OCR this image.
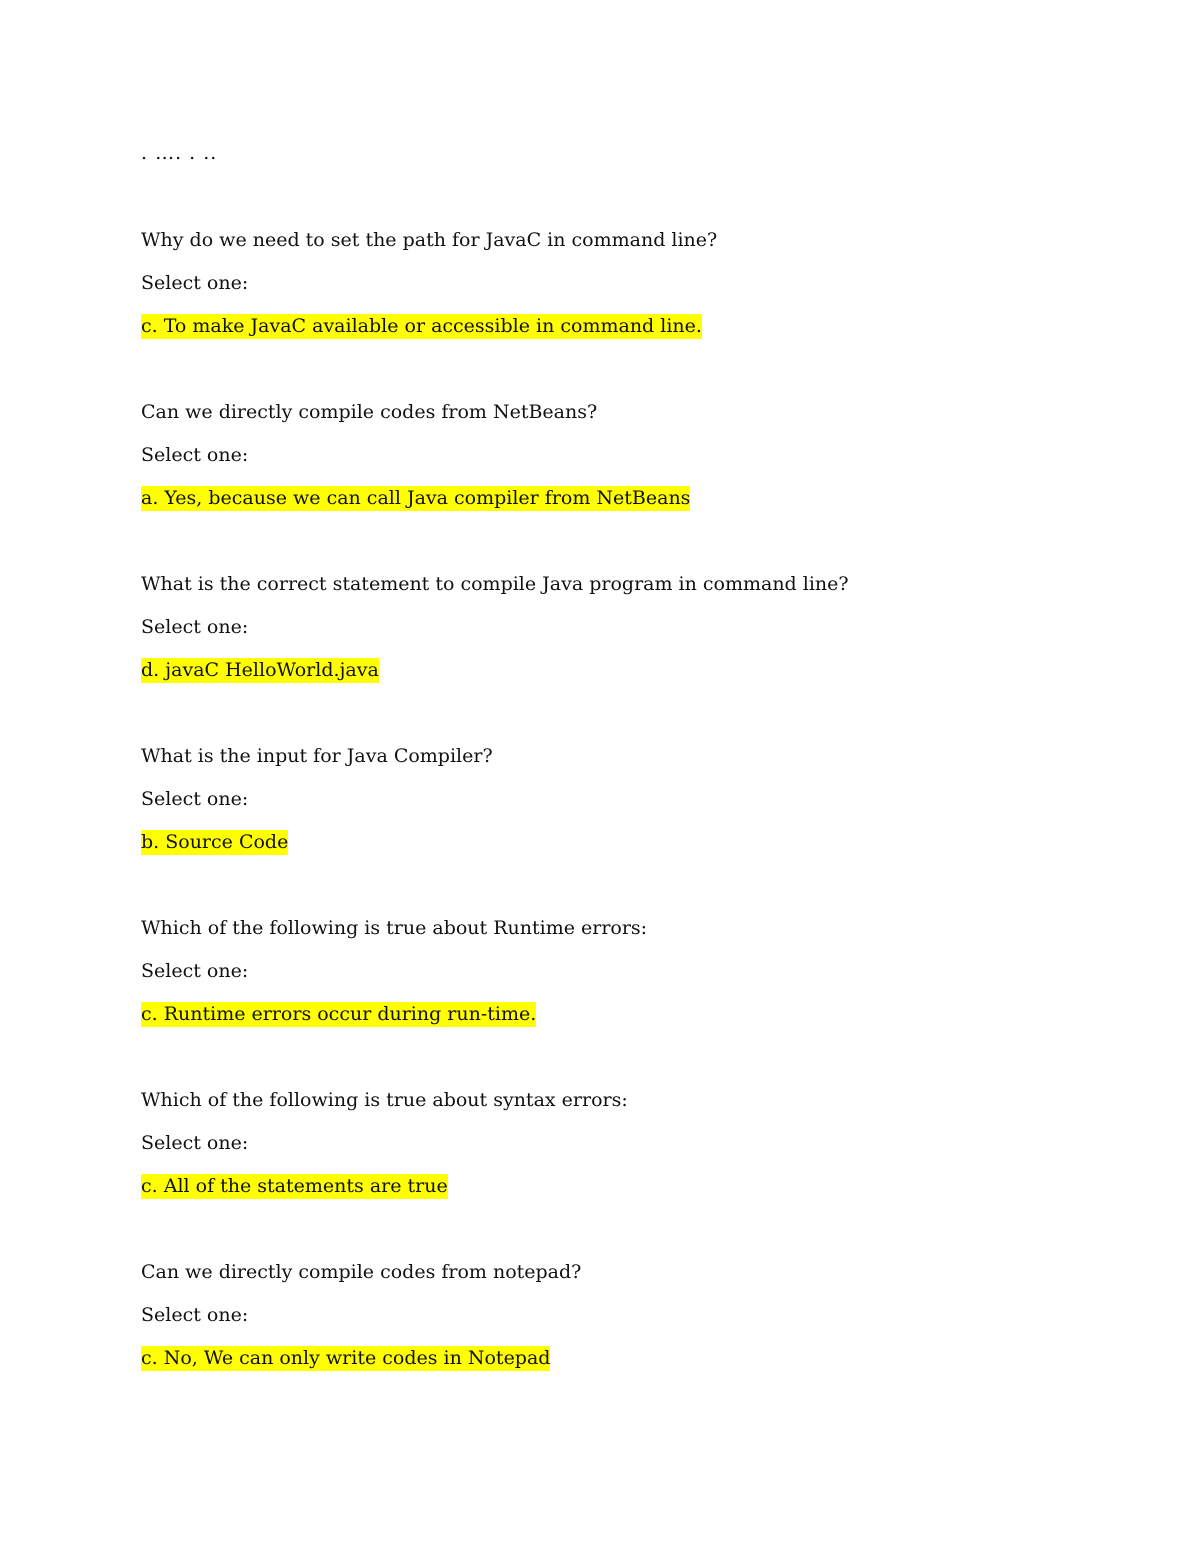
. …. . ..
Why do we need to set the path for JavaC in command line?
Select one:
c. To make JavaC available or accessible in command line.
Can we directly compile codes from NetBeans?
Select one:
a. Yes, because we can call Java compiler from NetBeans
What is the correct statement to compile Java program in command line?
Select one:
d. javaC HelloWorld.java
What is the input for Java Compiler?
Select one:
b. Source Code
Which of the following is true about Runtime errors:
Select one:
c. Runtime errors occur during run-time.
Which of the following is true about syntax errors:
Select one:
c. All of the statements are true
Can we directly compile codes from notepad?
Select one:
c. No, We can only write codes in Notepad
